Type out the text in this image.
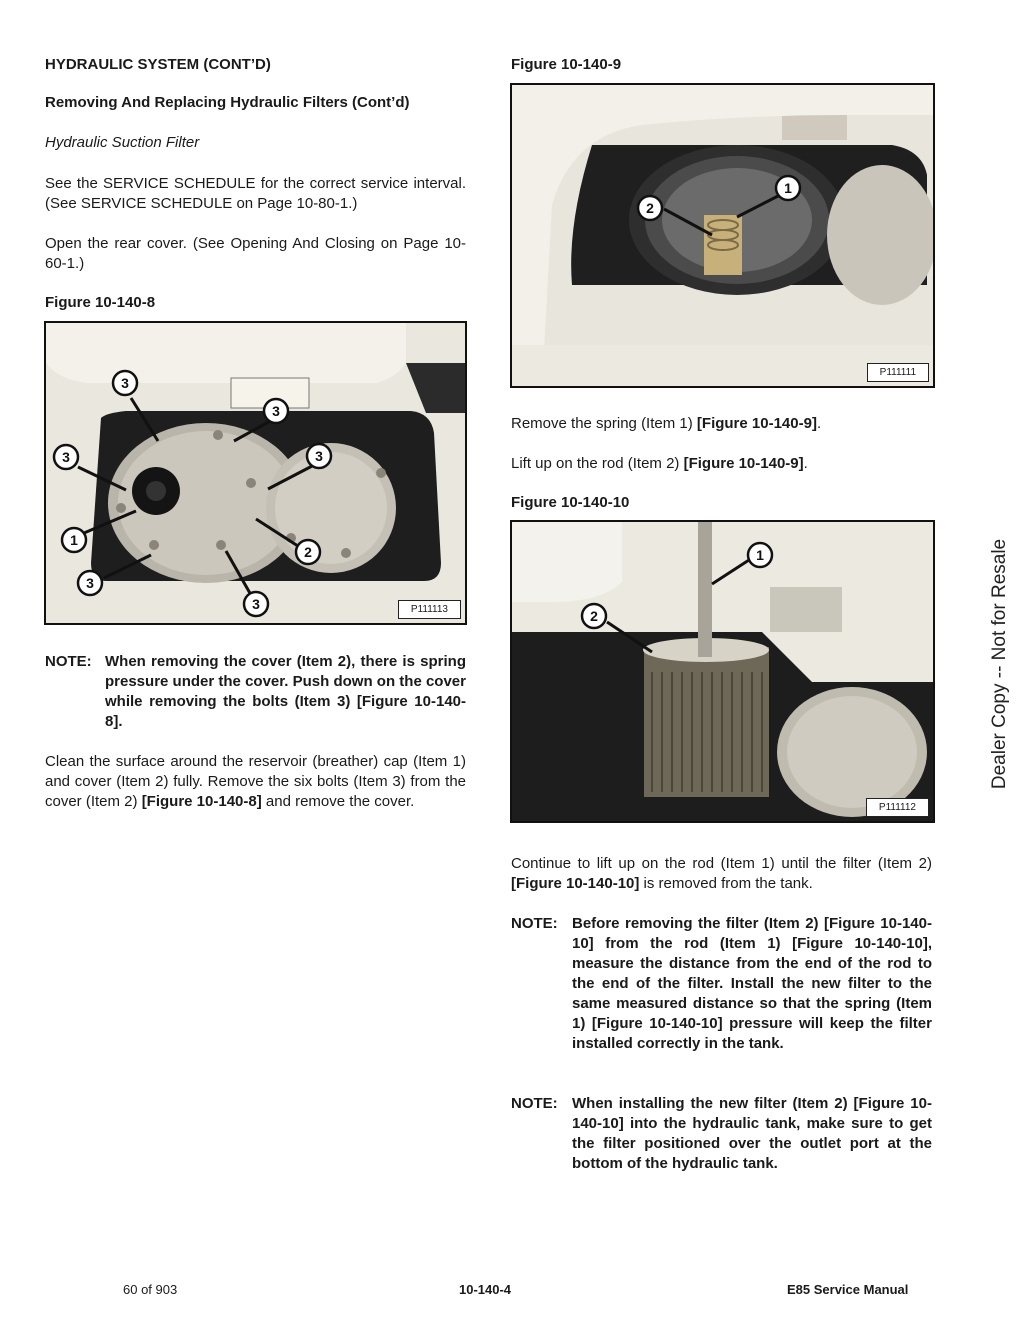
HYDRAULIC SYSTEM (CONT’D)
Removing And Replacing Hydraulic Filters (Cont’d)
Hydraulic Suction Filter

See the SERVICE SCHEDULE for the correct service interval. (See SERVICE SCHEDULE on Page 10-80-1.)

Open the rear cover. (See Opening And Closing on Page 10-60-1.)

Figure 10-140-8
3
3
3	3
1
2
3
3	P111113
NOTE: When removing the cover (Item 2), there is spring pressure under the cover. Push down on the cover while removing the bolts (Item 3) [Figure 10-140-8].

Clean the surface around the reservoir (breather) cap (Item 1) and cover (Item 2) fully. Remove the six bolts (Item 3) from the cover (Item 2) [Figure 10-140-8] and remove the cover.

Figure 10-140-9
1
2
P111111

Remove the spring (Item 1) [Figure 10-140-9].

Lift up on the rod (Item 2) [Figure 10-140-9].

Figure 10-140-10
1
2
P111112

Continue to lift up on the rod (Item 1) until the filter (Item 2) [Figure 10-140-10] is removed from the tank.

NOTE: Before removing the filter (Item 2) [Figure 10-140-10] from the rod (Item 1) [Figure 10-140-10], measure the distance from the end of the rod to the end of the filter. Install the new filter to the same measured distance so that the spring (Item 1) [Figure 10-140-10] pressure will keep the filter installed correctly in the tank.
NOTE: When installing the new filter (Item 2) [Figure 10-140-10] into the hydraulic tank, make sure to get the filter positioned over the outlet port at the bottom of the hydraulic tank.
Dealer Copy -- Not for Resale
60 of 903	10-140-4	E85 Service Manual
